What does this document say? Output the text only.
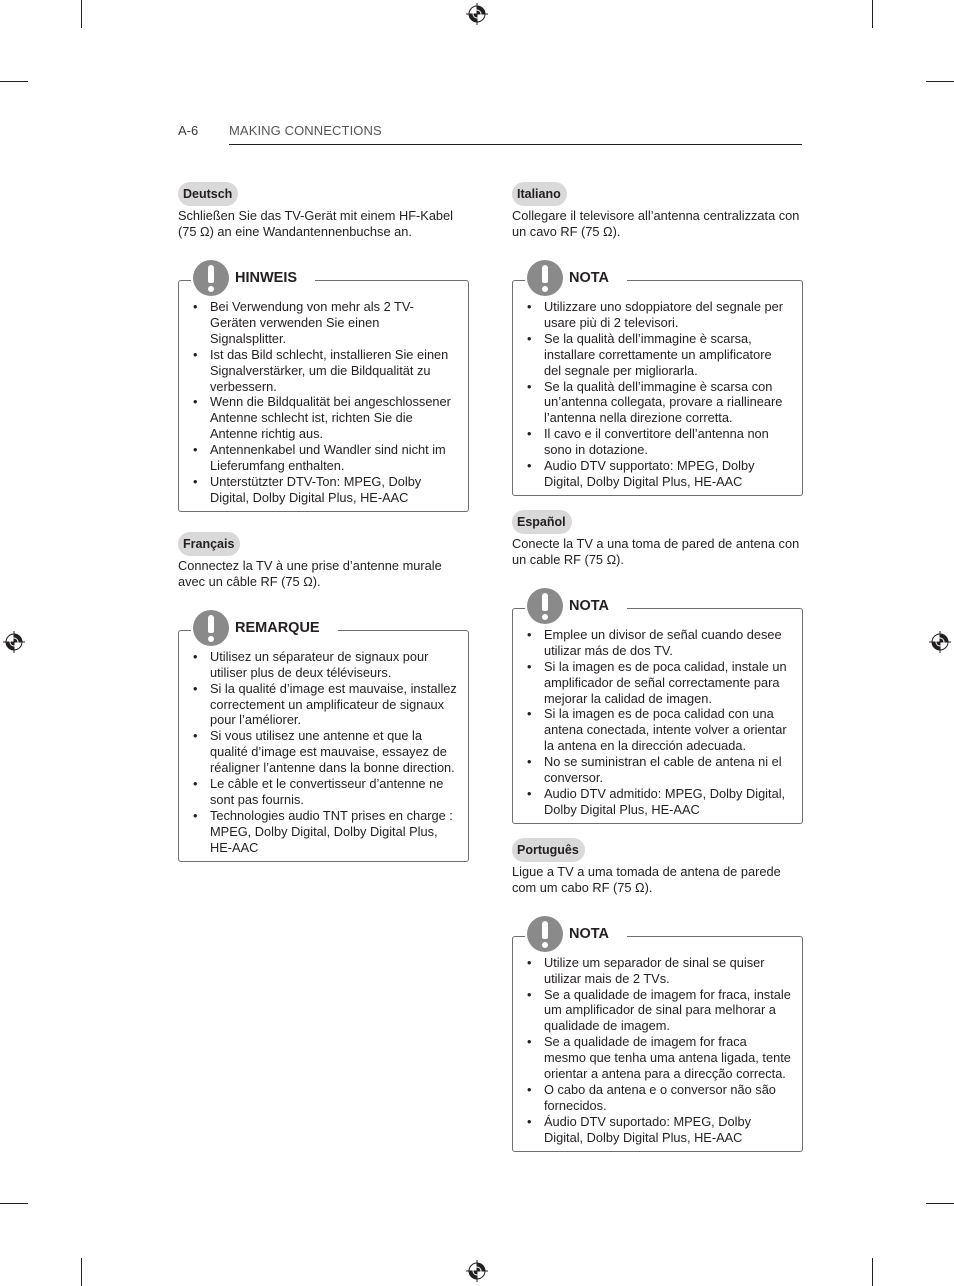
A-6 MAKING CONNECTIONS
Deutsch
Schließen Sie das TV-Gerät mit einem HF-Kabel (75 Ω) an eine Wandantennenbuchse an.
HINWEIS
• Bei Verwendung von mehr als 2 TV-Geräten verwenden Sie einen Signalsplitter.
• Ist das Bild schlecht, installieren Sie einen Signalverstärker, um die Bildqualität zu verbessern.
• Wenn die Bildqualität bei angeschlossener Antenne schlecht ist, richten Sie die Antenne richtig aus.
• Antennenkabel und Wandler sind nicht im Lieferumfang enthalten.
• Unterstützter DTV-Ton: MPEG, Dolby Digital, Dolby Digital Plus, HE-AAC
Français
Connectez la TV à une prise d’antenne murale avec un câble RF (75 Ω).
REMARQUE
• Utilisez un séparateur de signaux pour utiliser plus de deux téléviseurs.
• Si la qualité d’image est mauvaise, installez correctement un amplificateur de signaux pour l’améliorer.
• Si vous utilisez une antenne et que la qualité d’image est mauvaise, essayez de réaligner l’antenne dans la bonne direction.
• Le câble et le convertisseur d’antenne ne sont pas fournis.
• Technologies audio TNT prises en charge : MPEG, Dolby Digital, Dolby Digital Plus, HE-AAC
Italiano
Collegare il televisore all’antenna centralizzata con un cavo RF (75 Ω).
NOTA
• Utilizzare uno sdoppiatore del segnale per usare più di 2 televisori.
• Se la qualità dell’immagine è scarsa, installare correttamente un amplificatore del segnale per migliorarla.
• Se la qualità dell’immagine è scarsa con un’antenna collegata, provare a riallineare l’antenna nella direzione corretta.
• Il cavo e il convertitore dell’antenna non sono in dotazione.
• Audio DTV supportato: MPEG, Dolby Digital, Dolby Digital Plus, HE-AAC
Español
Conecte la TV a una toma de pared de antena con un cable RF (75 Ω).
NOTA
• Emplee un divisor de señal cuando desee utilizar más de dos TV.
• Si la imagen es de poca calidad, instale un amplificador de señal correctamente para mejorar la calidad de imagen.
• Si la imagen es de poca calidad con una antena conectada, intente volver a orientar la antena en la dirección adecuada.
• No se suministran el cable de antena ni el conversor.
• Audio DTV admitido: MPEG, Dolby Digital, Dolby Digital Plus, HE-AAC
Português
Ligue a TV a uma tomada de antena de parede com um cabo RF (75 Ω).
NOTA
• Utilize um separador de sinal se quiser utilizar mais de 2 TVs.
• Se a qualidade de imagem for fraca, instale um amplificador de sinal para melhorar a qualidade de imagem.
• Se a qualidade de imagem for fraca mesmo que tenha uma antena ligada, tente orientar a antena para a direcção correcta.
• O cabo da antena e o conversor não são fornecidos.
• Áudio DTV suportado: MPEG, Dolby Digital, Dolby Digital Plus, HE-AAC
